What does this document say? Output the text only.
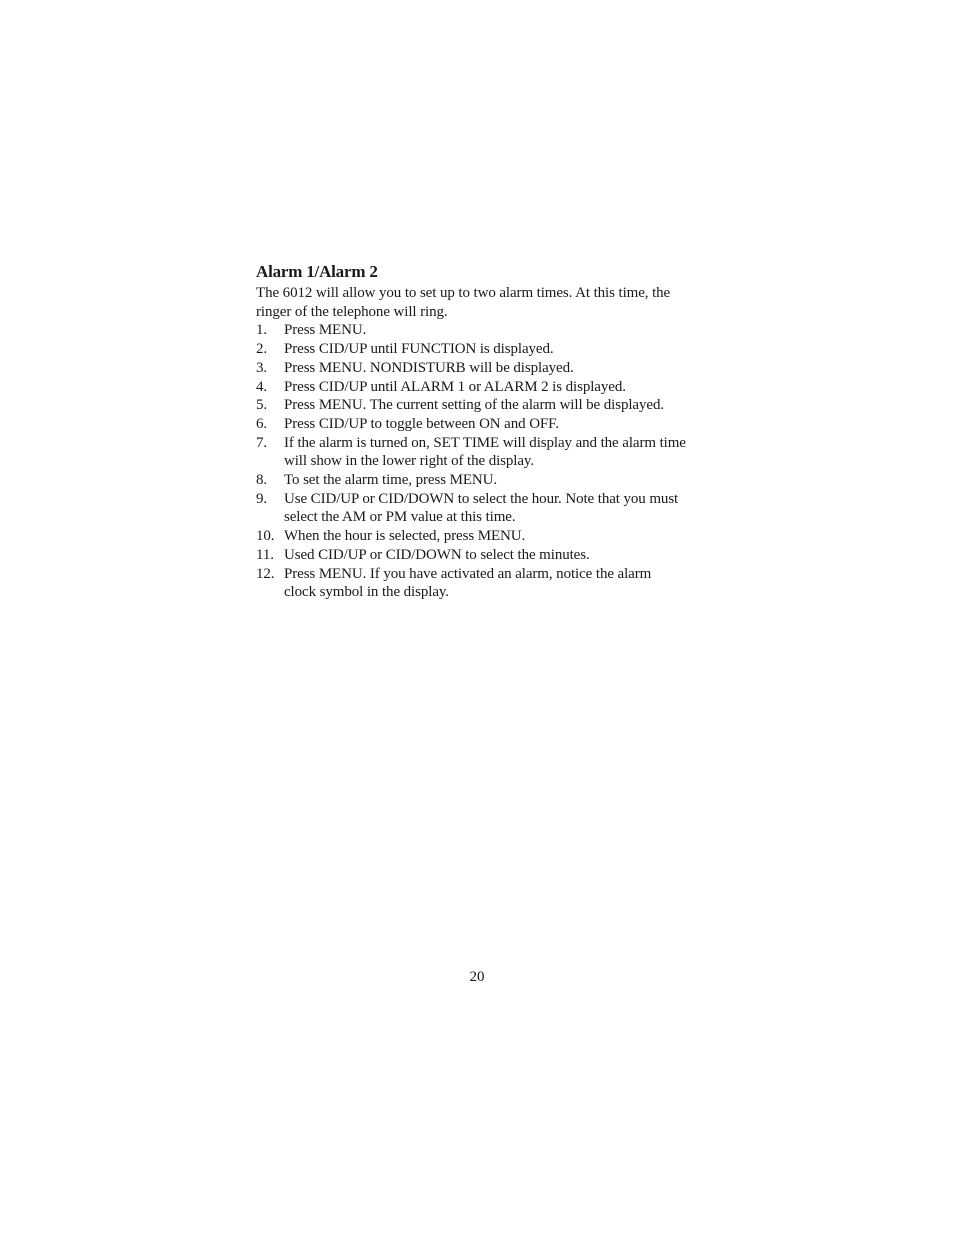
Alarm 1/Alarm 2

The 6012 will allow you to set up to two alarm times. At this time, the
ringer of the telephone will ring.

1.	Press MENU.
2.	Press CID/UP until FUNCTION is displayed.
3.	Press MENU. NONDISTURB will be displayed.
4.	Press CID/UP until ALARM 1 or ALARM 2 is displayed.
5.	Press MENU. The current setting of the alarm will be displayed.
6.	Press CID/UP to toggle between ON and OFF.
7.	If the alarm is turned on, SET TIME will display and the alarm time
will show in the lower right of the display.
8.	To set the alarm time, press MENU.
9.	Use CID/UP or CID/DOWN to select the hour. Note that you must
select the AM or PM value at this time.
10. When the hour is selected, press MENU.
11. Used CID/UP or CID/DOWN to select the minutes.
12. Press MENU. If you have activated an alarm, notice the alarm
clock symbol in the display.
20
